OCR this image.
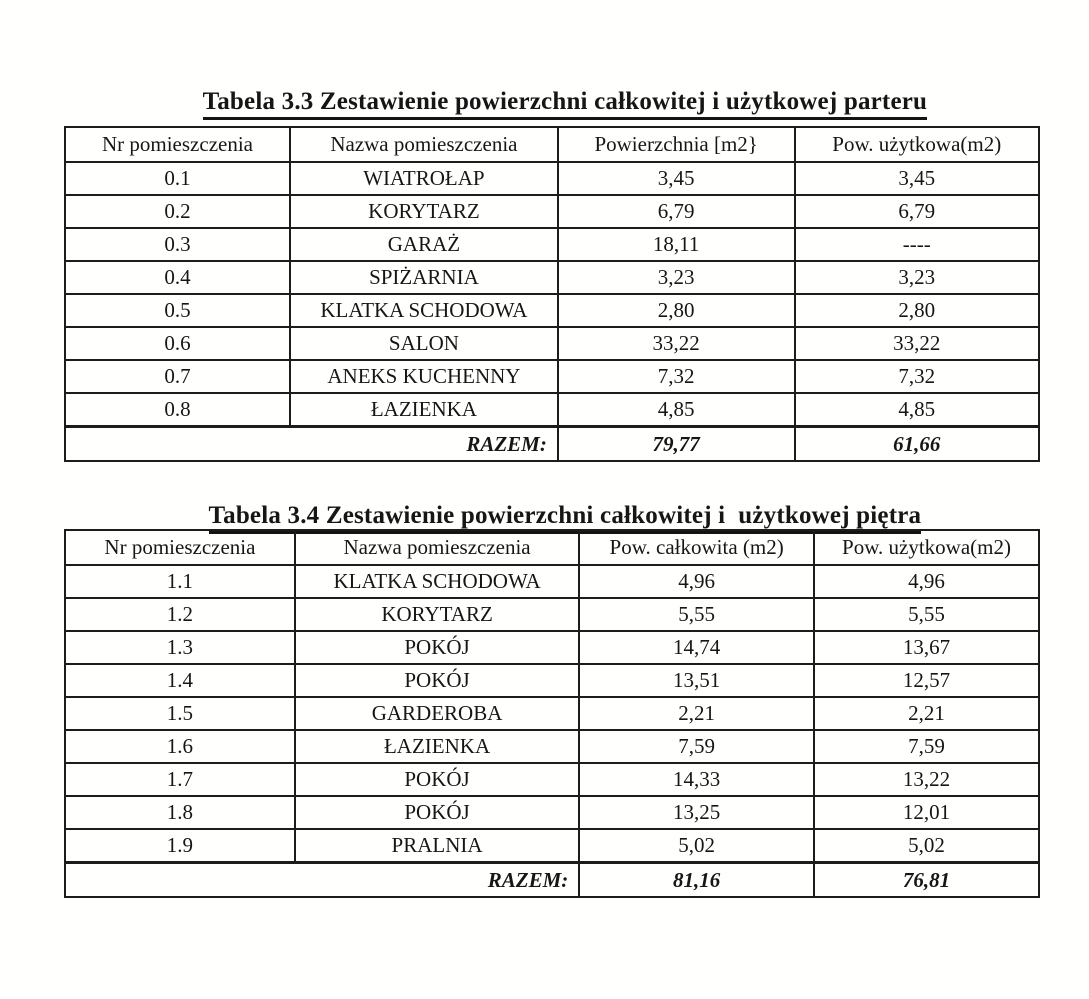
Tabela 3.3 Zestawienie powierzchni całkowitej i użytkowej parteru

Nr pomieszczenia	Nazwa pomieszczenia	Powierzchnia [m2}	Pow. użytkowa(m2)
0.1	WIATROŁAP	3,45	3,45
0.2	KORYTARZ	6,79	6,79
0.3	GARAŻ	18,11	----
0.4	SPIŻARNIA	3,23	3,23
0.5	KLATKA SCHODOWA	2,80	2,80
0.6	SALON	33,22	33,22
0.7	ANEKS KUCHENNY	7,32	7,32
0.8	ŁAZIENKA	4,85	4,85
RAZEM:		79,77	61,66

Tabela 3.4 Zestawienie powierzchni całkowitej i  użytkowej piętra

Nr pomieszczenia	Nazwa pomieszczenia	Pow. całkowita (m2)	Pow. użytkowa(m2)
1.1	KLATKA SCHODOWA	4,96	4,96
1.2	KORYTARZ	5,55	5,55
1.3	POKÓJ	14,74	13,67
1.4	POKÓJ	13,51	12,57
1.5	GARDEROBA	2,21	2,21
1.6	ŁAZIENKA	7,59	7,59
1.7	POKÓJ	14,33	13,22
1.8	POKÓJ	13,25	12,01
1.9	PRALNIA	5,02	5,02
RAZEM:		81,16	76,81
